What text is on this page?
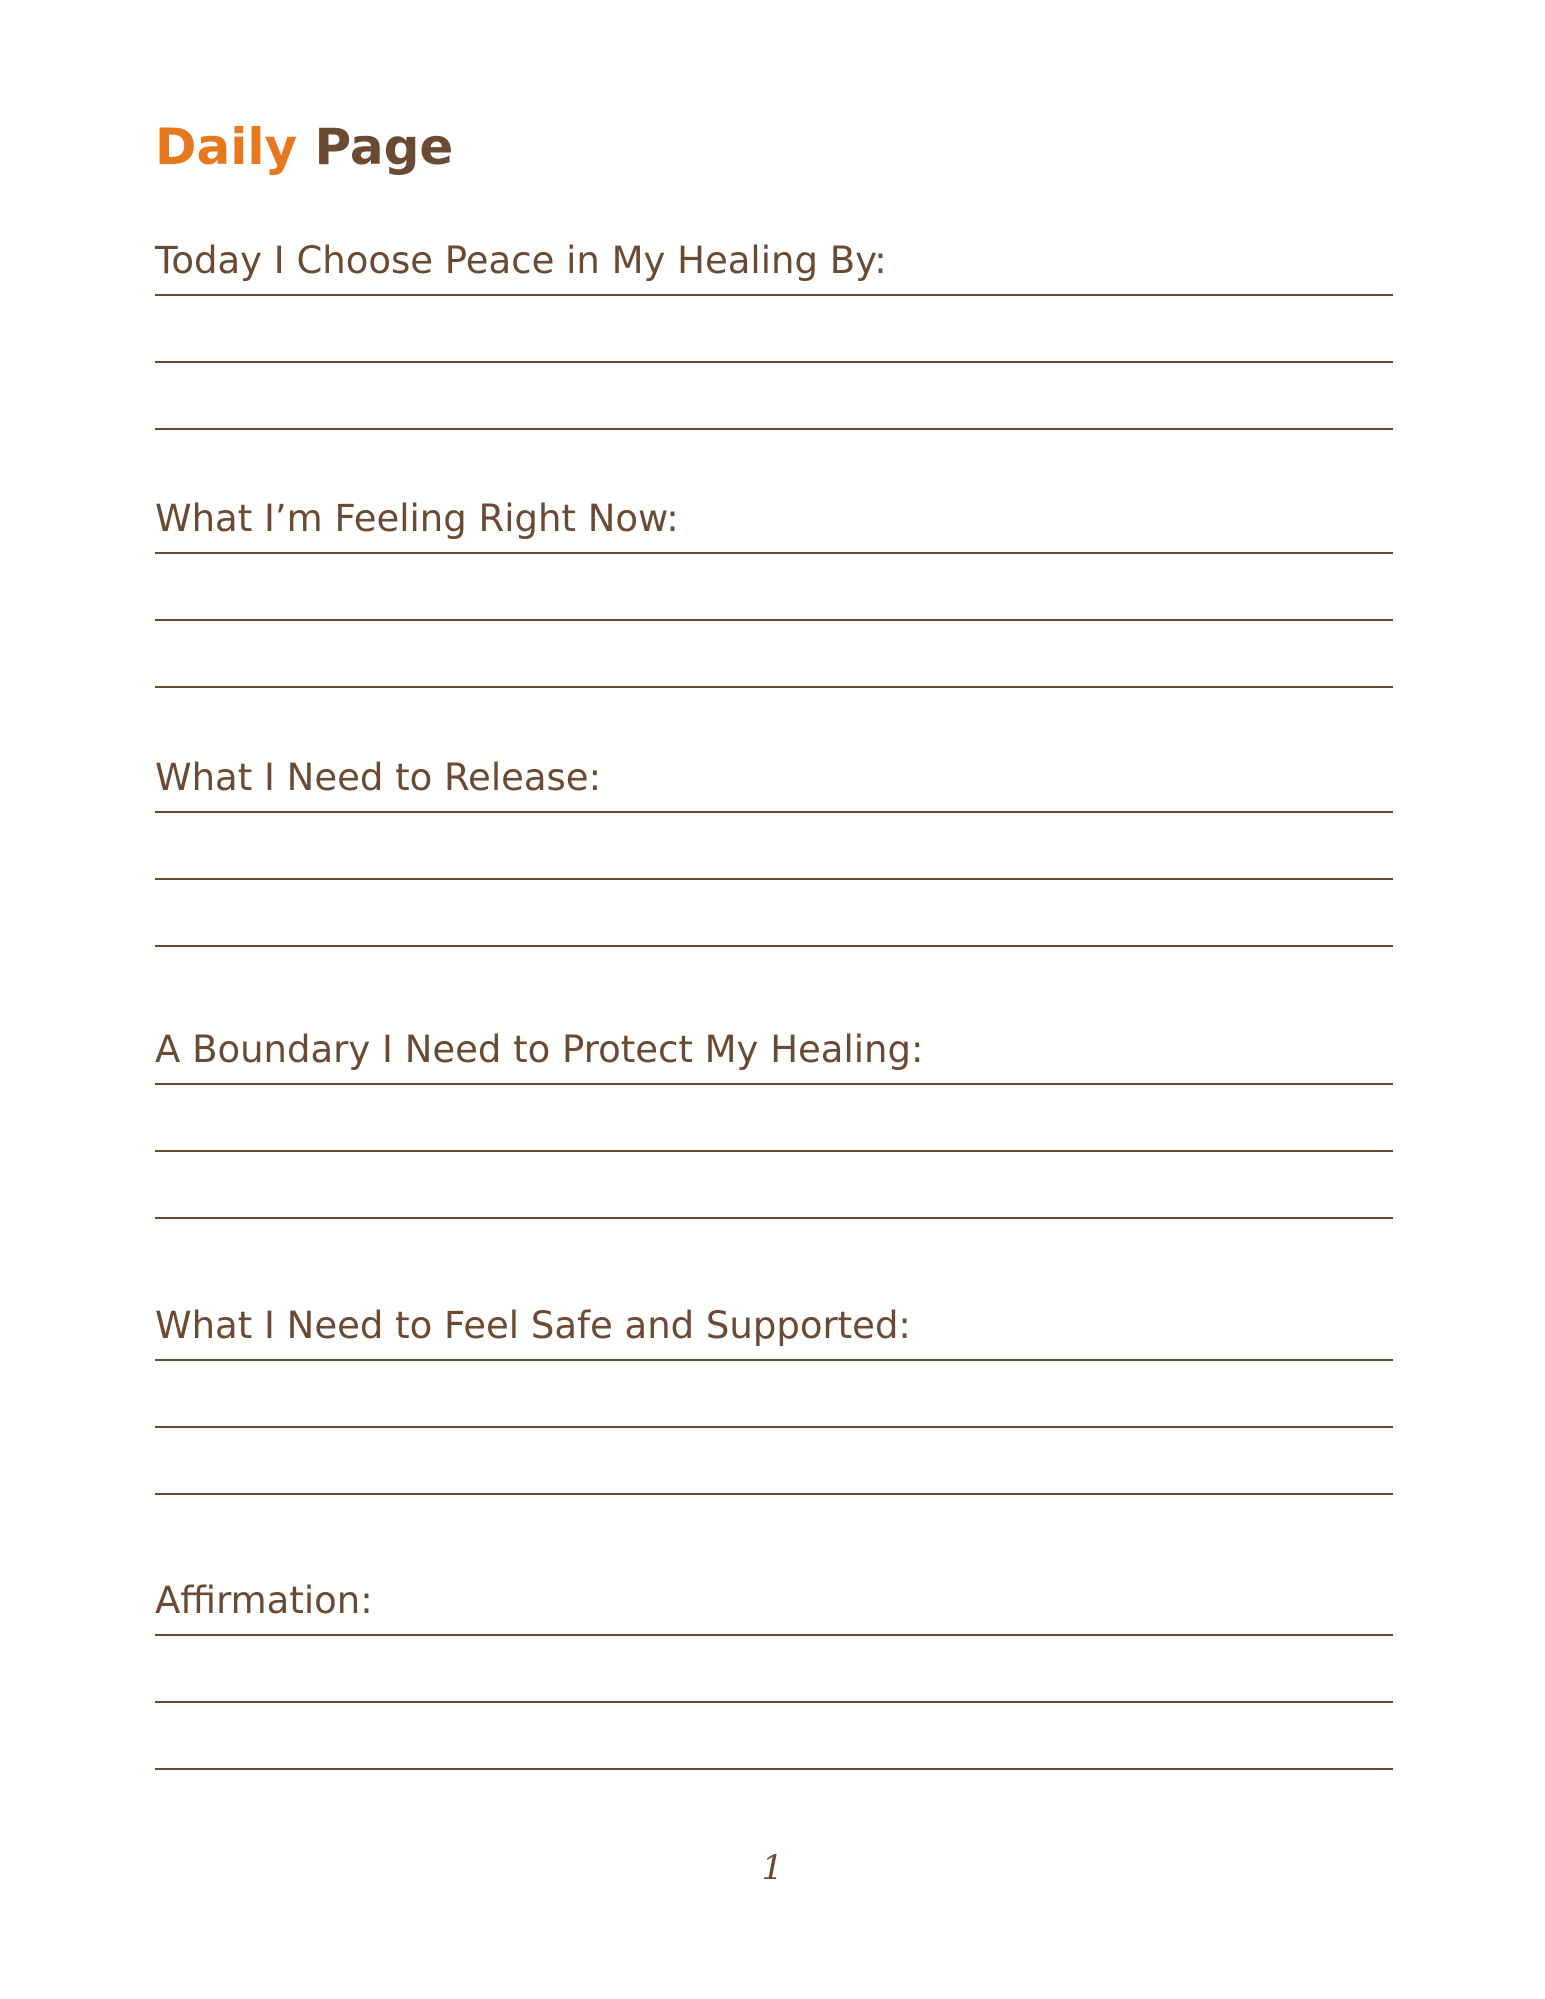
Daily Page
Today I Choose Peace in My Healing By:
What I’m Feeling Right Now:
What I Need to Release:
A Boundary I Need to Protect My Healing:
What I Need to Feel Safe and Supported:
Affirmation:
1
